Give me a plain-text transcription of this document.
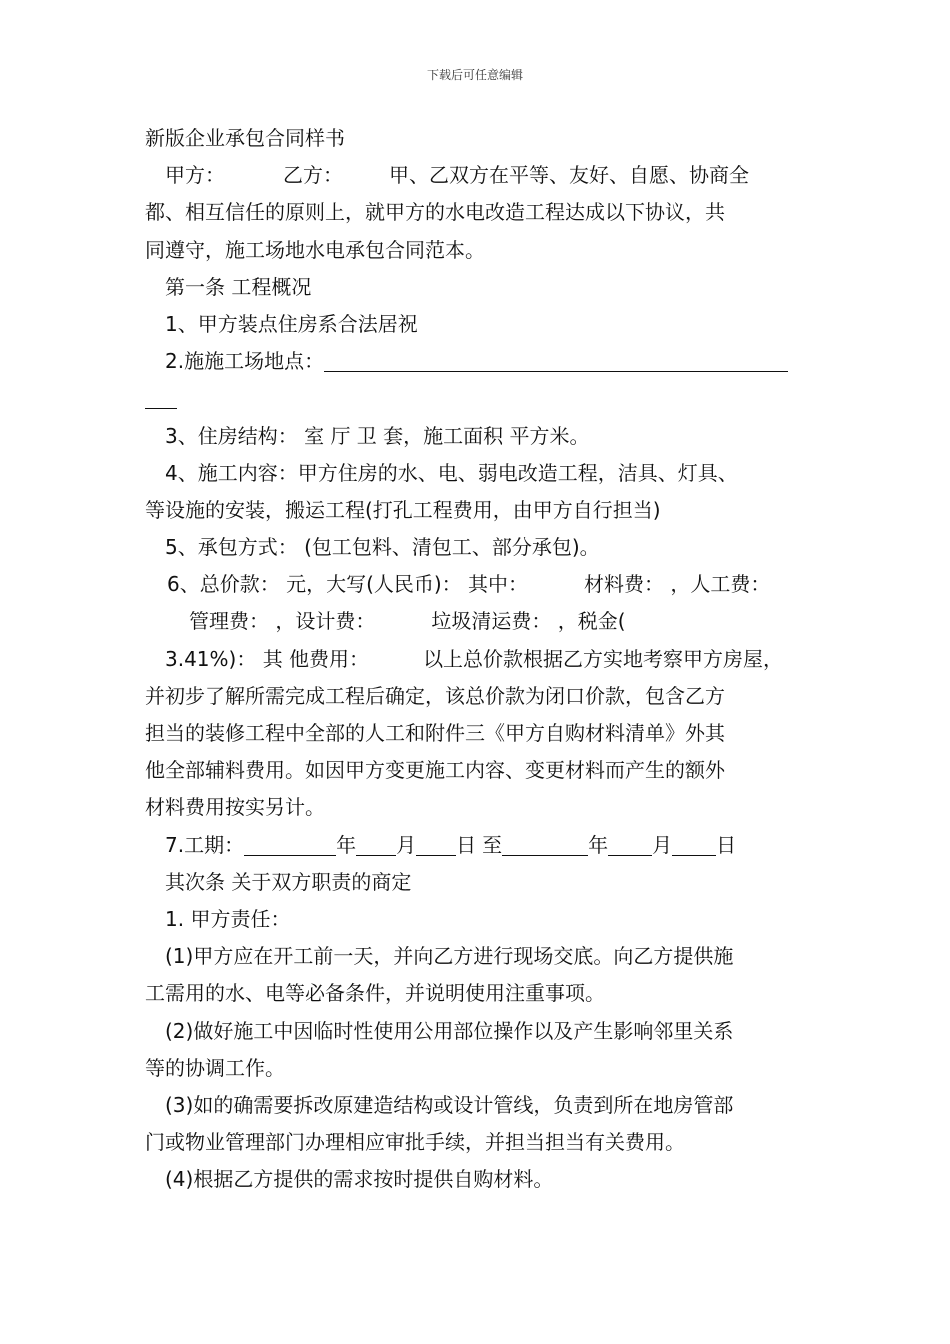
下载后可任意编辑
新版企业承包合同样书
甲方：	乙方： 甲、乙双方在平等、友好、自愿、协商全
都、相互信任的原则上，就甲方的水电改造工程达成以下协议，共
同遵守，施工场地水电承包合同范本。
第一条 工程概况
1、甲方装点住房系合法居祝
2.施施工场地点：
3、住房结构： 室 厅 卫 套，施工面积 平方米。
4、施工内容：甲方住房的水、电、弱电改造工程，洁具、灯具、
等设施的安装，搬运工程(打孔工程费用，由甲方自行担当)
5、承包方式： (包工包料、清包工、部分承包)。
6、总价款： 元，大写(人民币)： 其中：	材料费： ，人工费：
管理费： ，设计费：	垃圾清运费： ，税金(
3.41%)： 其 他费用：	以上总价款根据乙方实地考察甲方房屋，
并初步了解所需完成工程后确定，该总价款为闭口价款，包含乙方
担当的装修工程中全部的人工和附件三《甲方自购材料清单》外其
他全部辅料费用。如因甲方变更施工内容、变更材料而产生的额外
材料费用按实另计。
7.工期：	年 月 日 至	年 月 日
其次条 关于双方职责的商定
1. 甲方责任：
(1)甲方应在开工前一天，并向乙方进行现场交底。向乙方提供施
工需用的水、电等必备条件，并说明使用注重事项。
(2)做好施工中因临时性使用公用部位操作以及产生影响邻里关系
等的协调工作。
(3)如的确需要拆改原建造结构或设计管线，负责到所在地房管部
门或物业管理部门办理相应审批手续，并担当担当有关费用。
(4)根据乙方提供的需求按时提供自购材料。
